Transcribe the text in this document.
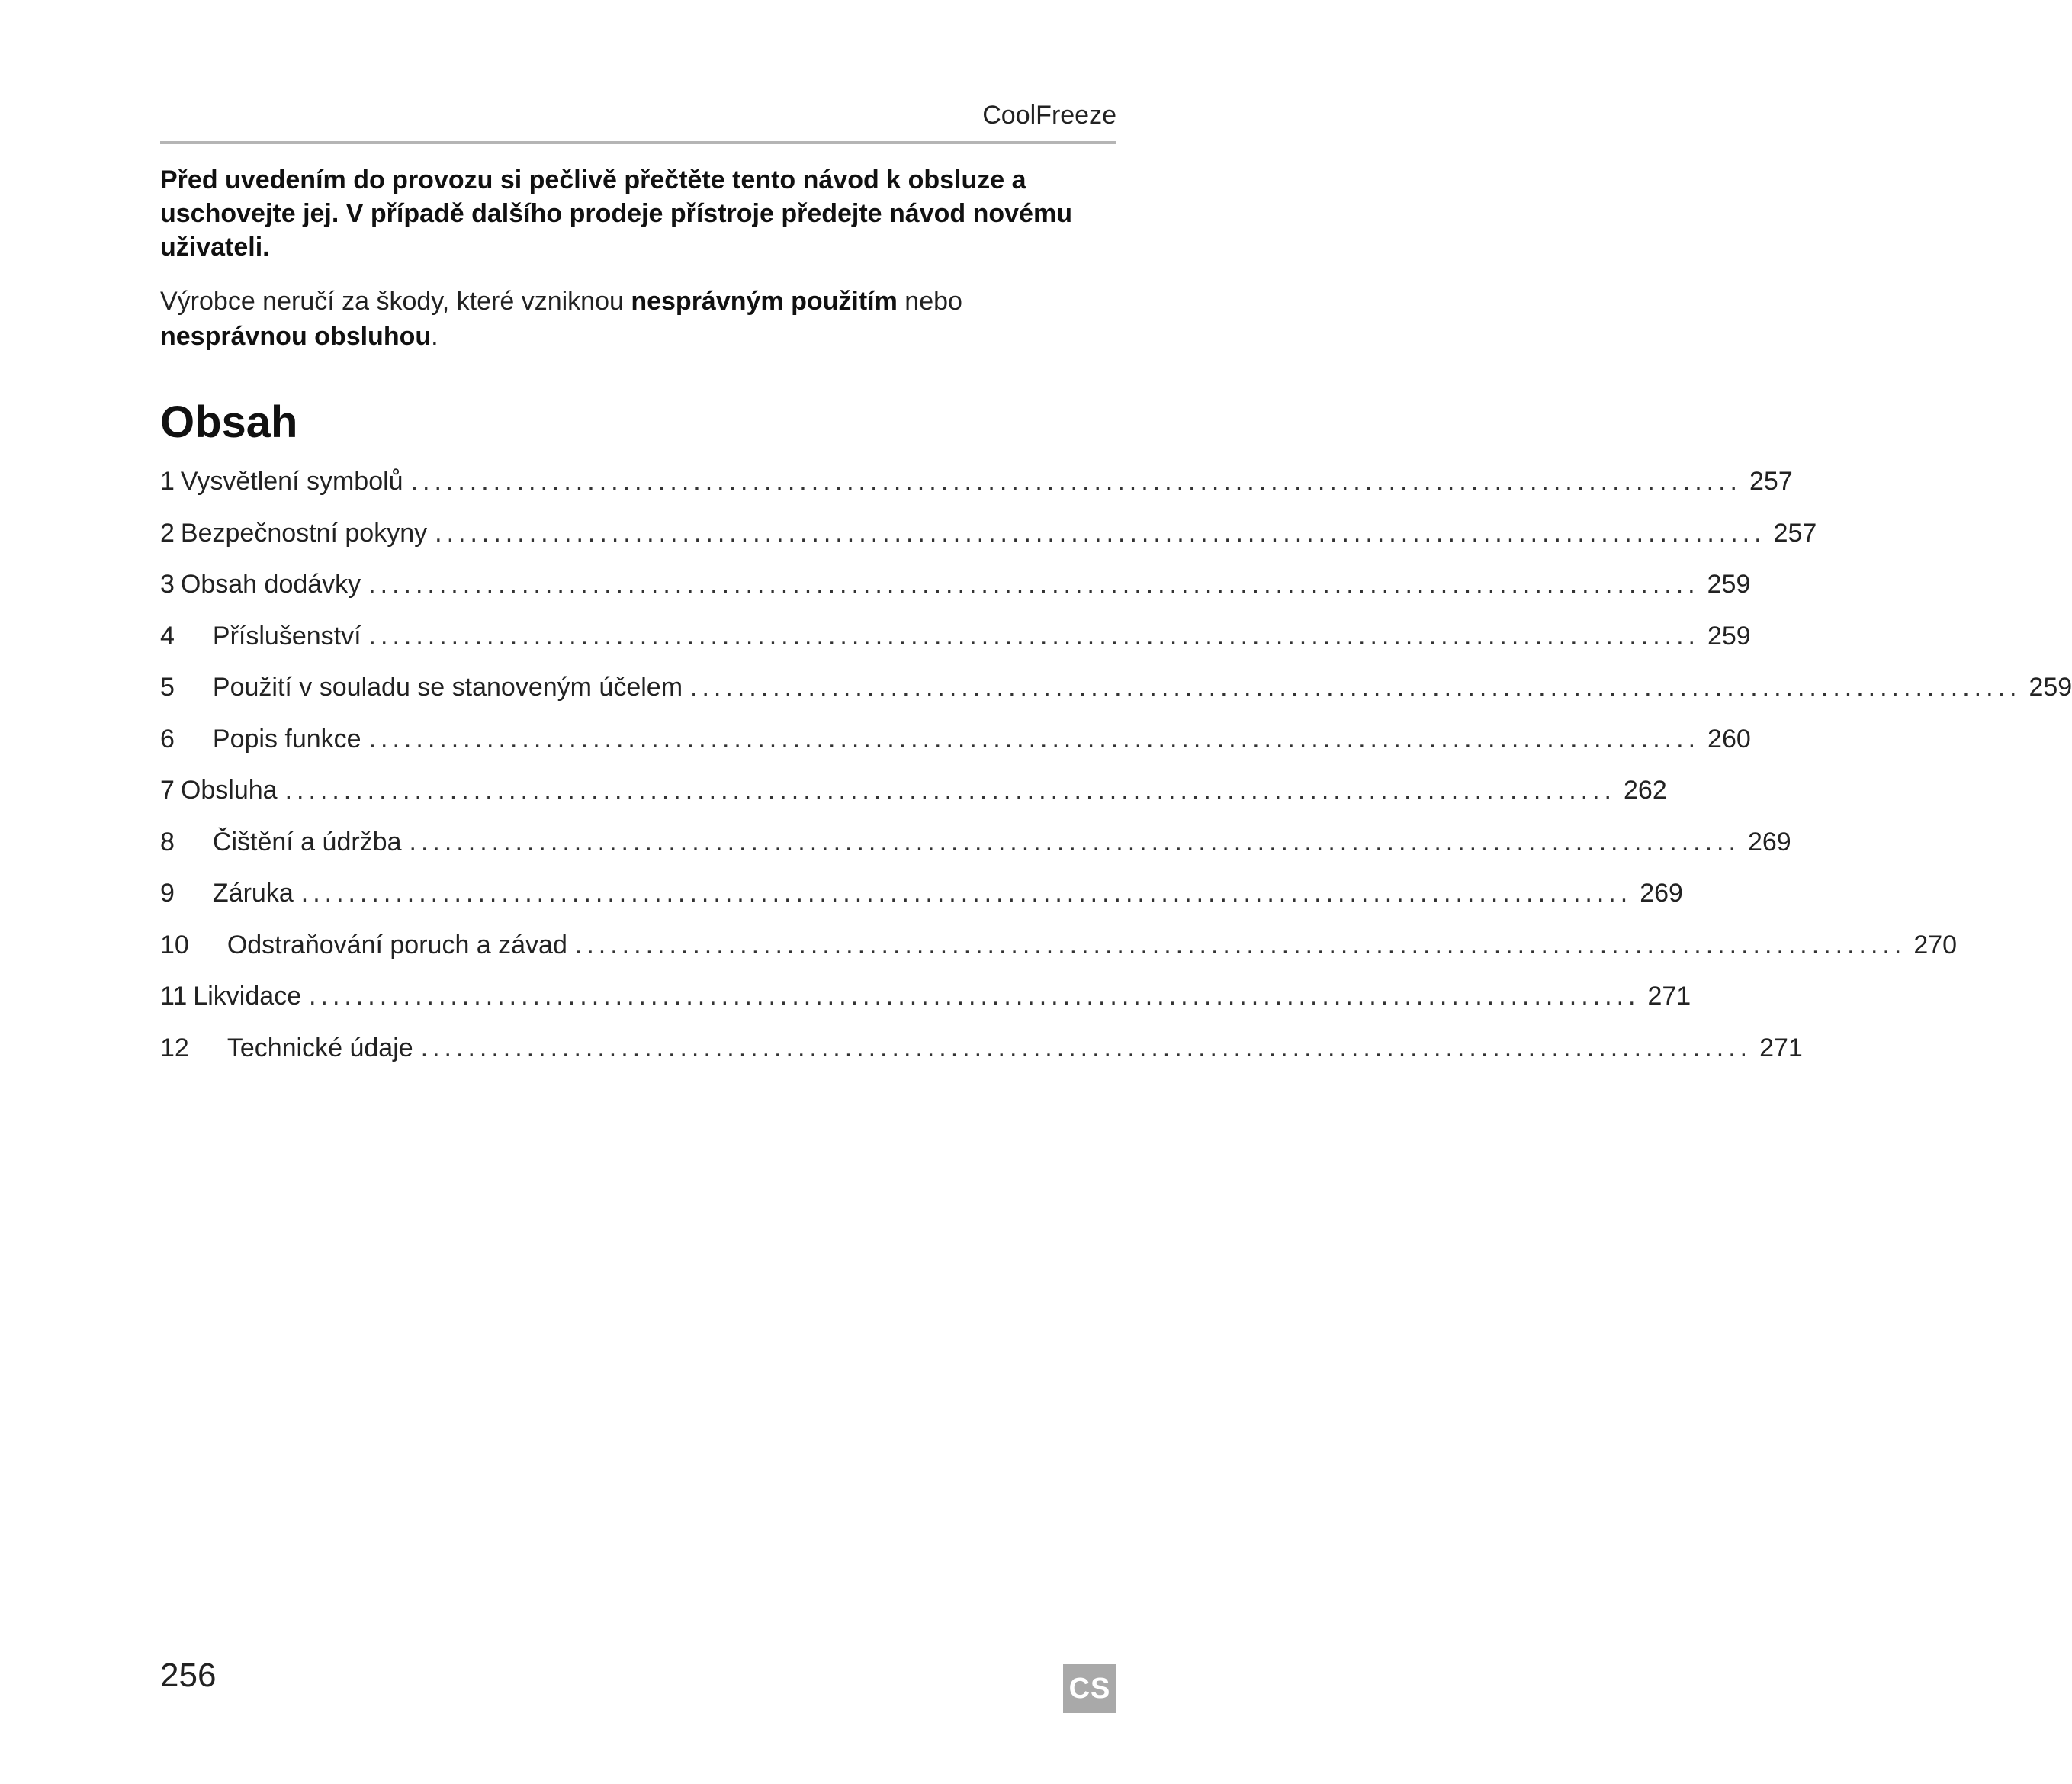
CoolFreeze

Před uvedením do provozu si pečlivě přečtěte tento návod k obsluze a uschovejte jej. V případě dalšího prodeje přístroje předejte návod novému uživateli.

Výrobce neručí za škody, které vzniknou nesprávným použitím nebo
nesprávnou obsluhou.

Obsah
1 Vysvětlení symbolů ................................................................................................................. 257
2 Bezpečnostní pokyny ................................................................................................................. 257
3 Obsah dodávky ................................................................................................................. 259
4 Příslušenství ................................................................................................................. 259
5 Použití v souladu se stanoveným účelem ................................................................................................................. 259
6 Popis funkce ................................................................................................................. 260
7 Obsluha ................................................................................................................. 262
8 Čištění a údržba ................................................................................................................. 269
9 Záruka ................................................................................................................. 269
10 Odstraňování poruch a závad ................................................................................................................. 270
11 Likvidace ................................................................................................................. 271
12 Technické údaje ................................................................................................................. 271
256	CS
